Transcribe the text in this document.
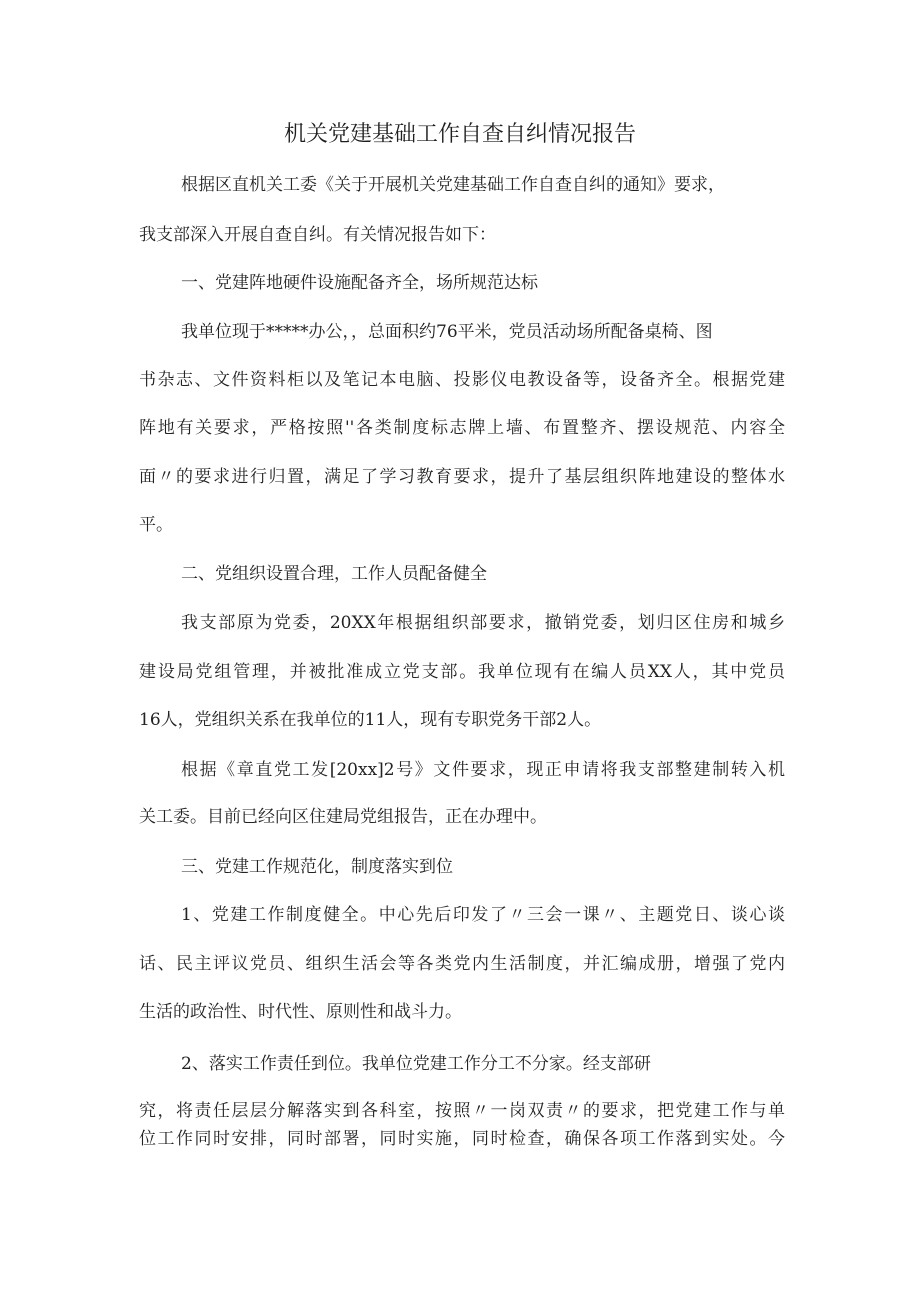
机关党建基础工作自查自纠情况报告

根据区直机关工委《关于开展机关党建基础工作自查自纠的通知》要求，

我支部深入开展自查自纠。有关情况报告如下：

一、党建阵地硬件设施配备齐全，场所规范达标

我单位现于*****办公，，总面积约76平米，党员活动场所配备桌椅、图

书杂志、文件资料柜以及笔记本电脑、投影仪电教设备等，设备齐全。根据党建

阵地有关要求，严格按照''各类制度标志牌上墙、布置整齐、摆设规范、内容全

面〃的要求进行归置，满足了学习教育要求，提升了基层组织阵地建设的整体水

平。

二、党组织设置合理，工作人员配备健全

我支部原为党委，20XX年根据组织部要求，撤销党委，划归区住房和城乡

建设局党组管理，并被批准成立党支部。我单位现有在编人员XX人，其中党员

16人，党组织关系在我单位的11人，现有专职党务干部2人。

根据《章直党工发[20xx]2号》文件要求，现正申请将我支部整建制转入机

关工委。目前已经向区住建局党组报告，正在办理中。

三、党建工作规范化，制度落实到位

1、党建工作制度健全。中心先后印发了〃三会一课〃、主题党日、谈心谈

话、民主评议党员、组织生活会等各类党内生活制度，并汇编成册，增强了党内

生活的政治性、时代性、原则性和战斗力。

2、落实工作责任到位。我单位党建工作分工不分家。经支部研

究，将责任层层分解落实到各科室，按照〃一岗双责〃的要求，把党建工作与单

位工作同时安排，同时部署，同时实施，同时检查，确保各项工作落到实处。今
